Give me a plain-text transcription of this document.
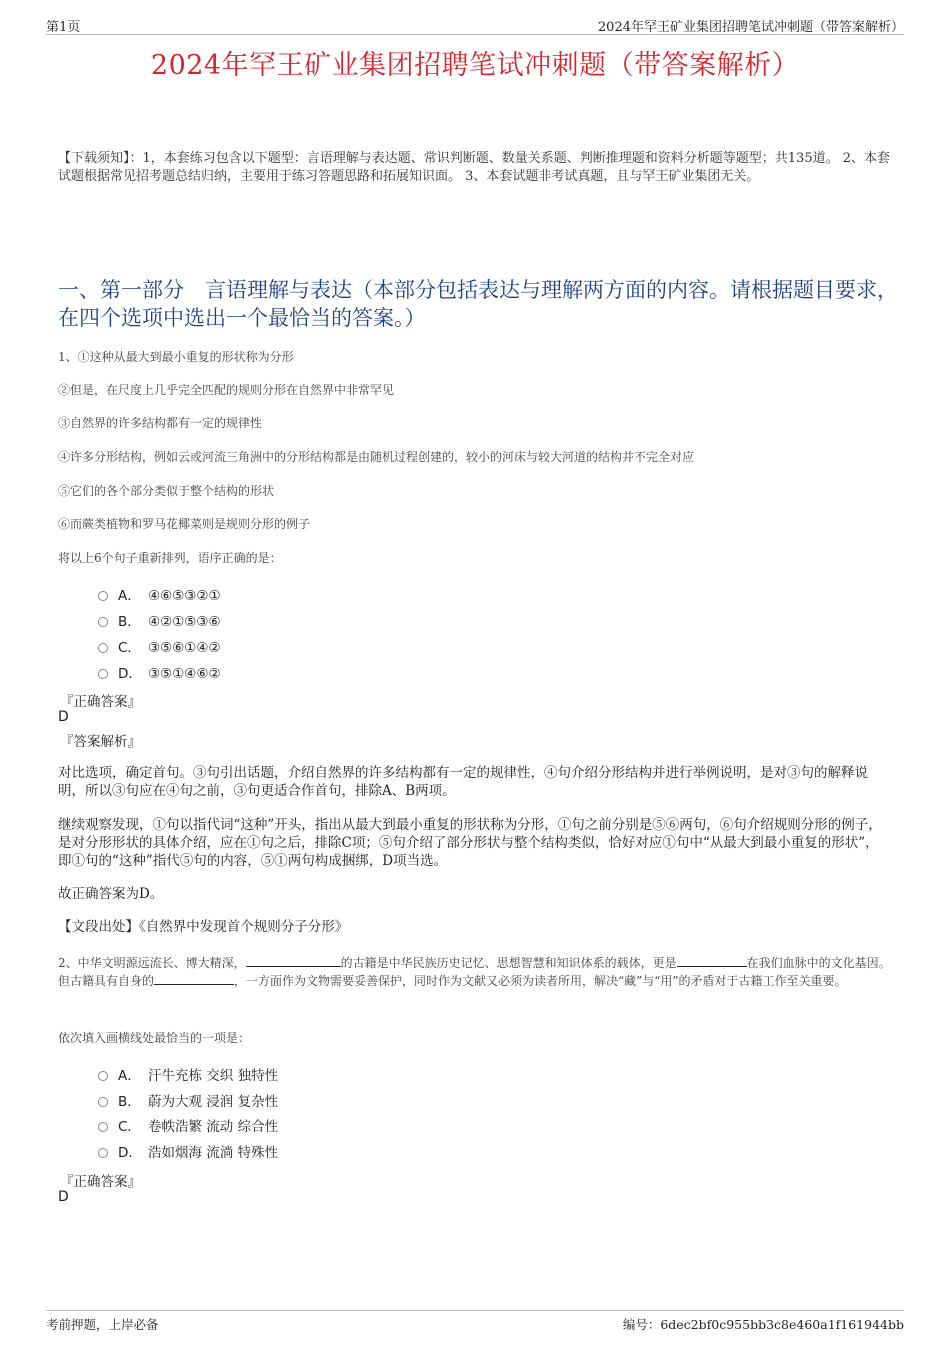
第1页	2024年罕王矿业集团招聘笔试冲刺题（带答案解析）
2024年罕王矿业集团招聘笔试冲刺题（带答案解析）
【下载须知】：1，本套练习包含以下题型：言语理解与表达题、常识判断题、数量关系题、判断推理题和资料分析题等题型；共135道。 2、本套试题根据常见招考题总结归纳，主要用于练习答题思路和拓展知识面。 3、本套试题非考试真题，且与罕王矿业集团无关。
一、第一部分　言语理解与表达（本部分包括表达与理解两方面的内容。请根据题目要求，在四个选项中选出一个最恰当的答案。）
1、①这种从最大到最小重复的形状称为分形
②但是，在尺度上几乎完全匹配的规则分形在自然界中非常罕见
③自然界的许多结构都有一定的规律性
④许多分形结构，例如云或河流三角洲中的分形结构都是由随机过程创建的，较小的河床与较大河道的结构并不完全对应
⑤它们的各个部分类似于整个结构的形状
⑥而蕨类植物和罗马花椰菜则是规则分形的例子
将以上6个句子重新排列，语序正确的是：
A． ④⑥⑤③②①
B． ④②①⑤③⑥
C． ③⑤⑥①④②
D． ③⑤①④⑥②
『正确答案』
D
『答案解析』
对比选项，确定首句。③句引出话题，介绍自然界的许多结构都有一定的规律性，④句介绍分形结构并进行举例说明，是对③句的解释说明，所以③句应在④句之前，③句更适合作首句，排除A、B两项。
继续观察发现，①句以指代词“这种”开头，指出从最大到最小重复的形状称为分形，①句之前分别是⑤⑥两句，⑥句介绍规则分形的例子，是对分形形状的具体介绍，应在①句之后，排除C项；⑤句介绍了部分形状与整个结构类似，恰好对应①句中“从最大到最小重复的形状”，即①句的“这种”指代⑤句的内容，⑤①两句构成捆绑，D项当选。
故正确答案为D。
【文段出处】《自然界中发现首个规则分子分形》
2、中华文明源远流长、博大精深，	的古籍是中华民族历史记忆、思想智慧和知识体系的载体，更是	在我们血脉中的文化基因。但古籍具有自身的	，一方面作为文物需要妥善保护，同时作为文献又必须为读者所用，解决“藏”与“用”的矛盾对于古籍工作至关重要。
依次填入画横线处最恰当的一项是：
A． 汗牛充栋 交织 独特性
B． 蔚为大观 浸润 复杂性
C． 卷帙浩繁 流动 综合性
D． 浩如烟海 流淌 特殊性
『正确答案』
D
考前押题，上岸必备	编号：6dec2bf0c955bb3c8e460a1f161944bb
